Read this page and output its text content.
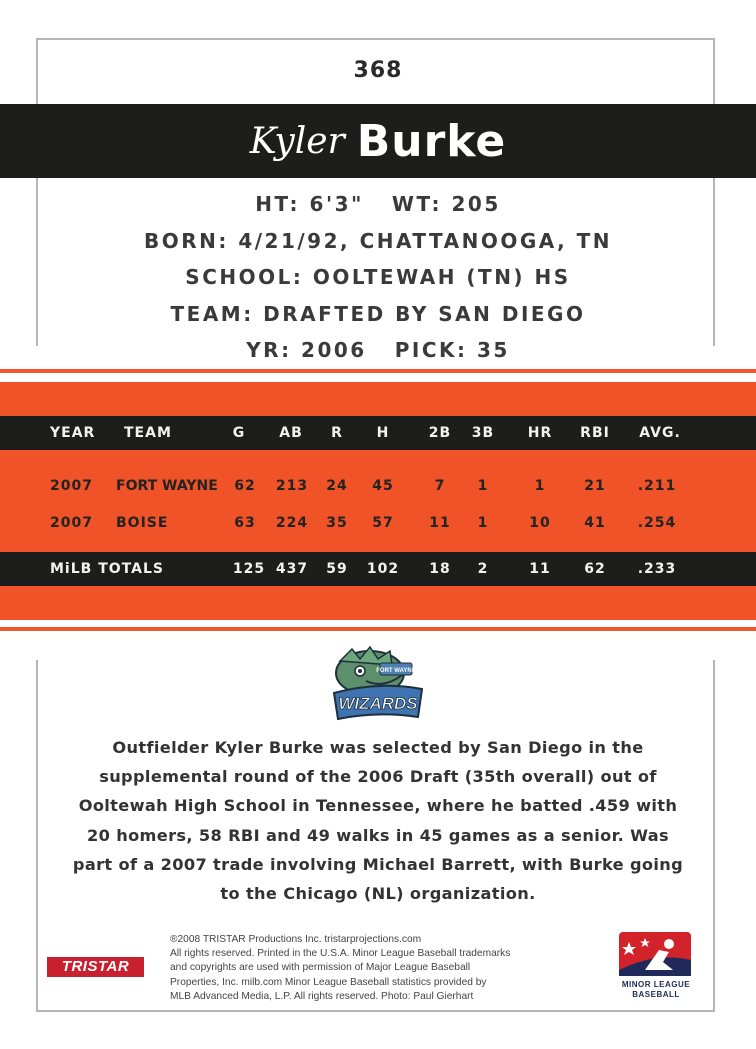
368
Kyler Burke
HT: 6'3" WT: 205
BORN: 4/21/92, CHATTANOOGA, TN
SCHOOL: OOLTEWAH (TN) HS
TEAM: DRAFTED BY SAN DIEGO
YR: 2006 PICK: 35
YEAR TEAM	G AB R H	2B 3B HR RBI AVG.
2007 FORT WAYNE 62 213 24 45	7 1	1	21 .211
2007 BOISE	63 224 35 57	11 1	10 41 .254
MiLB TOTALS	125 437 59 102 18 2	11 62 .233
FORT WAYNE
WIZARDS
Outfielder Kyler Burke was selected by San Diego in the
supplemental round of the 2006 Draft (35th overall) out of
Ooltewah High School in Tennessee, where he batted .459 with
20 homers, 58 RBI and 49 walks in 45 games as a senior. Was
part of a 2007 trade involving Michael Barrett, with Burke going
to the Chicago (NL) organization.
TRISTAR
®2008 TRISTAR Productions Inc. tristarprojections.com
All rights reserved. Printed in the U.S.A. Minor League Baseball trademarks
and copyrights are used with permission of Major League Baseball
Properties, Inc. milb.com Minor League Baseball statistics provided by
MLB Advanced Media, L.P. All rights reserved. Photo: Paul Gierhart
MINOR LEAGUE
BASEBALL
